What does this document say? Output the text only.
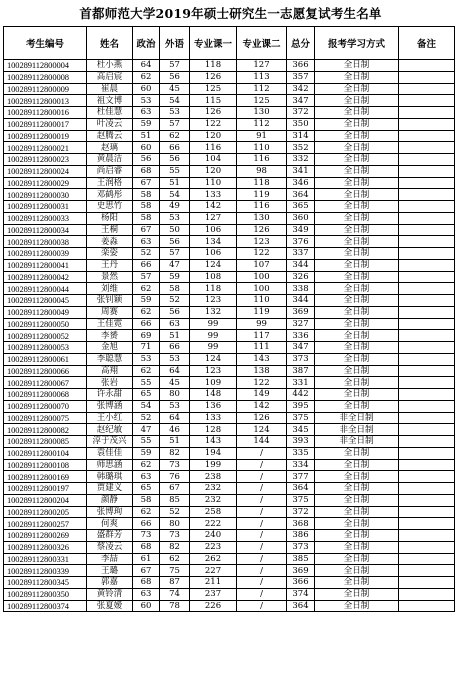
首都师范大学2019年硕士研究生一志愿复试考生名单
考生编号	姓名	政治	外语	专业课一	专业课二	总分	报考学习方式	备注
100289112800004	杜小燕	64	57	118	127	366	全日制	
100289112800008	高启宸	62	56	126	113	357	全日制	
100289112800009	崔晨	60	45	125	112	342	全日制	
100289112800013	祖文博	53	54	115	125	347	全日制	
100289112800016	杜佳慧	63	53	126	130	372	全日制	
100289112800017	叶凌云	59	57	122	112	350	全日制	
100289112800019	赵腾云	51	62	120	91	314	全日制	
100289112800021	赵璃	60	66	116	110	352	全日制	
100289112800023	黄晨洁	56	56	104	116	332	全日制	
100289112800024	尚启睿	68	55	120	98	341	全日制	
100289112800029	王润格	67	51	110	118	346	全日制	
100289112800030	邓鹤彤	58	54	133	119	364	全日制	
100289112800031	史思竹	58	49	142	116	365	全日制	
100289112800033	杨阳	58	53	127	130	360	全日制	
100289112800034	王桐	67	50	106	126	349	全日制	
100289112800038	姜淼	63	56	134	123	376	全日制	
100289112800039	栾姿	52	57	106	122	337	全日制	
100289112800041	王丹	66	47	124	107	344	全日制	
100289112800042	景然	57	59	108	100	326	全日制	
100289112800044	刘维	62	58	118	100	338	全日制	
100289112800045	张钊颖	59	52	123	110	344	全日制	
100289112800049	周赛	62	56	132	119	369	全日制	
100289112800050	王佳霓	66	63	99	99	327	全日制	
100289112800052	李赟	69	51	99	117	336	全日制	
100289112800053	金旭	71	66	99	111	347	全日制	
100289112800061	李聪慧	53	53	124	143	373	全日制	
100289112800066	高翔	62	64	123	138	387	全日制	
100289112800067	张岩	55	45	109	122	331	全日制	
100289112800068	许永甜	65	80	148	149	442	全日制	
100289112800070	张博涵	54	53	136	142	395	全日制	
100289112800075	王小红	52	64	133	126	375	非全日制	
100289112800082	赵纪敏	47	46	128	124	345	非全日制	
100289112800085	淳于茂兴	55	51	143	144	393	非全日制	
100289112800104	袁佳佳	59	82	194	/	335	全日制	
100289112800108	师思涵	62	73	199	/	334	全日制	
100289112800169	韩璐琪	63	76	238	/	377	全日制	
100289112800197	贾建义	65	67	232	/	364	全日制	
100289112800204	颜静	58	85	232	/	375	全日制	
100289112800205	张博珣	62	52	258	/	372	全日制	
100289112800257	何爽	66	80	222	/	368	全日制	
100289112800269	盛群芳	73	73	240	/	386	全日制	
100289112800326	蔡凌云	68	82	223	/	373	全日制	
100289112800331	李喆	61	62	262	/	385	全日制	
100289112800339	王璐	67	75	227	/	369	全日制	
100289112800345	郭嘉	68	87	211	/	366	全日制	
100289112800350	黄铃清	63	74	237	/	374	全日制	
100289112800374	张夏嫒	60	78	226	/	364	全日制	
